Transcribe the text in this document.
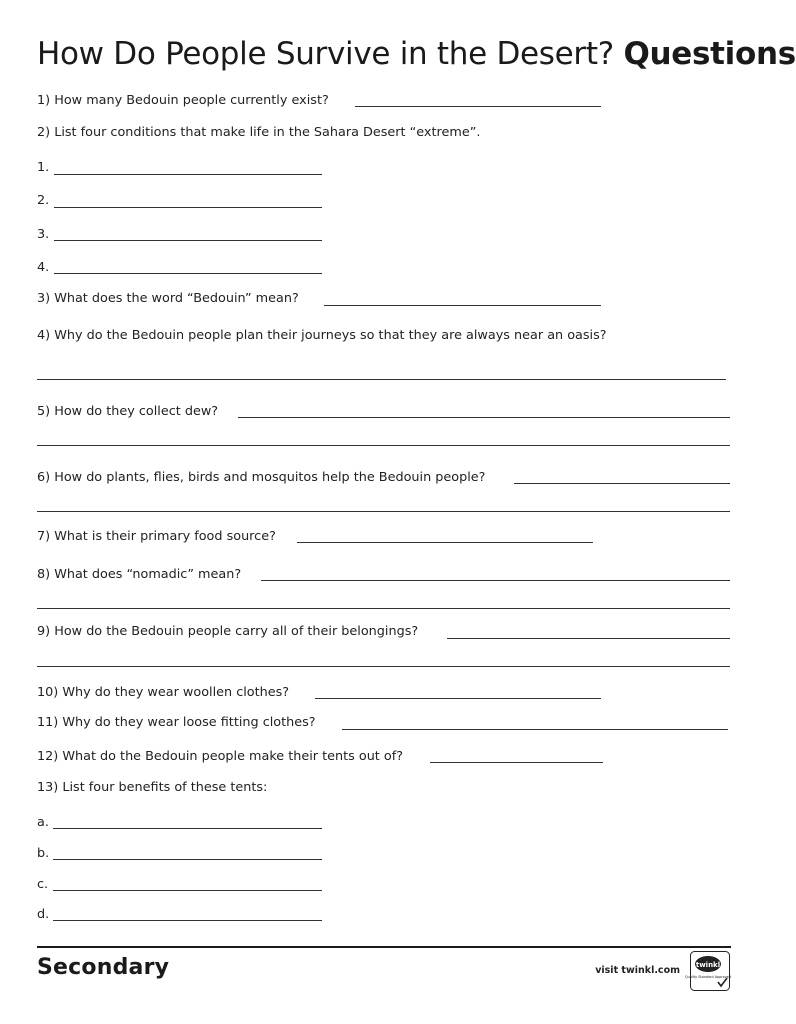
How Do People Survive in the Desert? Questions
1) How many Bedouin people currently exist?
2) List four conditions that make life in the Sahara Desert “extreme”.
1.
2.
3.
4.
3) What does the word “Bedouin” mean?
4) Why do the Bedouin people plan their journeys so that they are always near an oasis?
5) How do they collect dew?
6) How do plants, flies, birds and mosquitos help the Bedouin people?
7) What is their primary food source?
8) What does “nomadic” mean?
9) How do the Bedouin people carry all of their belongings?
10) Why do they wear woollen clothes?
11) Why do they wear loose fitting clothes?
12) What do the Bedouin people make their tents out of?
13) List four benefits of these tents:
a.
b.
c.
d.
Secondary	visit twinkl.com twinkl
Quality Standard Approved
